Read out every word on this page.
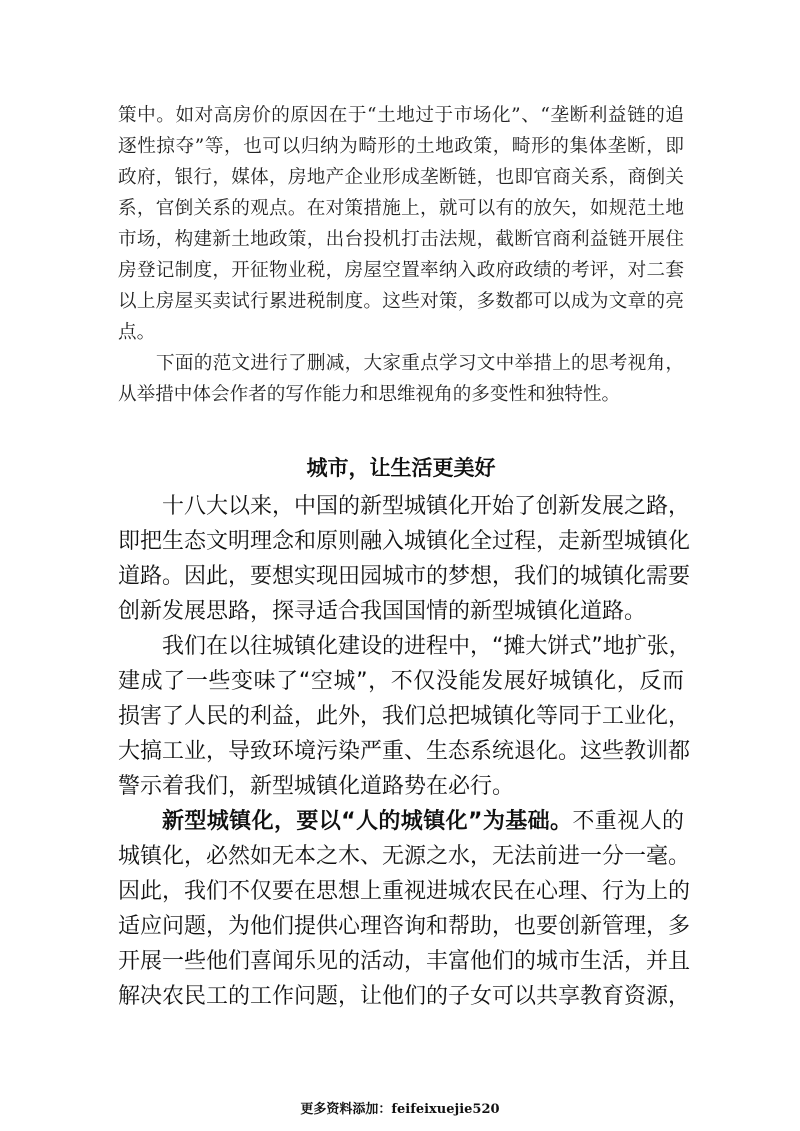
策中。如对高房价的原因在于“土地过于市场化”、“垄断利益链的追
逐性掠夺”等，也可以归纳为畸形的土地政策，畸形的集体垄断，即
政府，银行，媒体，房地产企业形成垄断链，也即官商关系，商倒关
系，官倒关系的观点。在对策措施上，就可以有的放矢，如规范土地
市场，构建新土地政策，出台投机打击法规，截断官商利益链开展住
房登记制度，开征物业税，房屋空置率纳入政府政绩的考评，对二套
以上房屋买卖试行累进税制度。这些对策，多数都可以成为文章的亮
点。
下面的范文进行了删减，大家重点学习文中举措上的思考视角，
从举措中体会作者的写作能力和思维视角的多变性和独特性。
城市，让生活更美好
十八大以来，中国的新型城镇化开始了创新发展之路，
即把生态文明理念和原则融入城镇化全过程，走新型城镇化
道路。因此，要想实现田园城市的梦想，我们的城镇化需要
创新发展思路，探寻适合我国国情的新型城镇化道路。
我们在以往城镇化建设的进程中，“摊大饼式”地扩张，
建成了一些变味了“空城”，不仅没能发展好城镇化，反而
损害了人民的利益，此外，我们总把城镇化等同于工业化，
大搞工业，导致环境污染严重、生态系统退化。这些教训都
警示着我们，新型城镇化道路势在必行。
新型城镇化，要以“人的城镇化”为基础。不重视人的
城镇化，必然如无本之木、无源之水，无法前进一分一毫。
因此，我们不仅要在思想上重视进城农民在心理、行为上的
适应问题，为他们提供心理咨询和帮助，也要创新管理，多
开展一些他们喜闻乐见的活动，丰富他们的城市生活，并且
解决农民工的工作问题，让他们的子女可以共享教育资源，
更多资料添加：feifeixuejie520
